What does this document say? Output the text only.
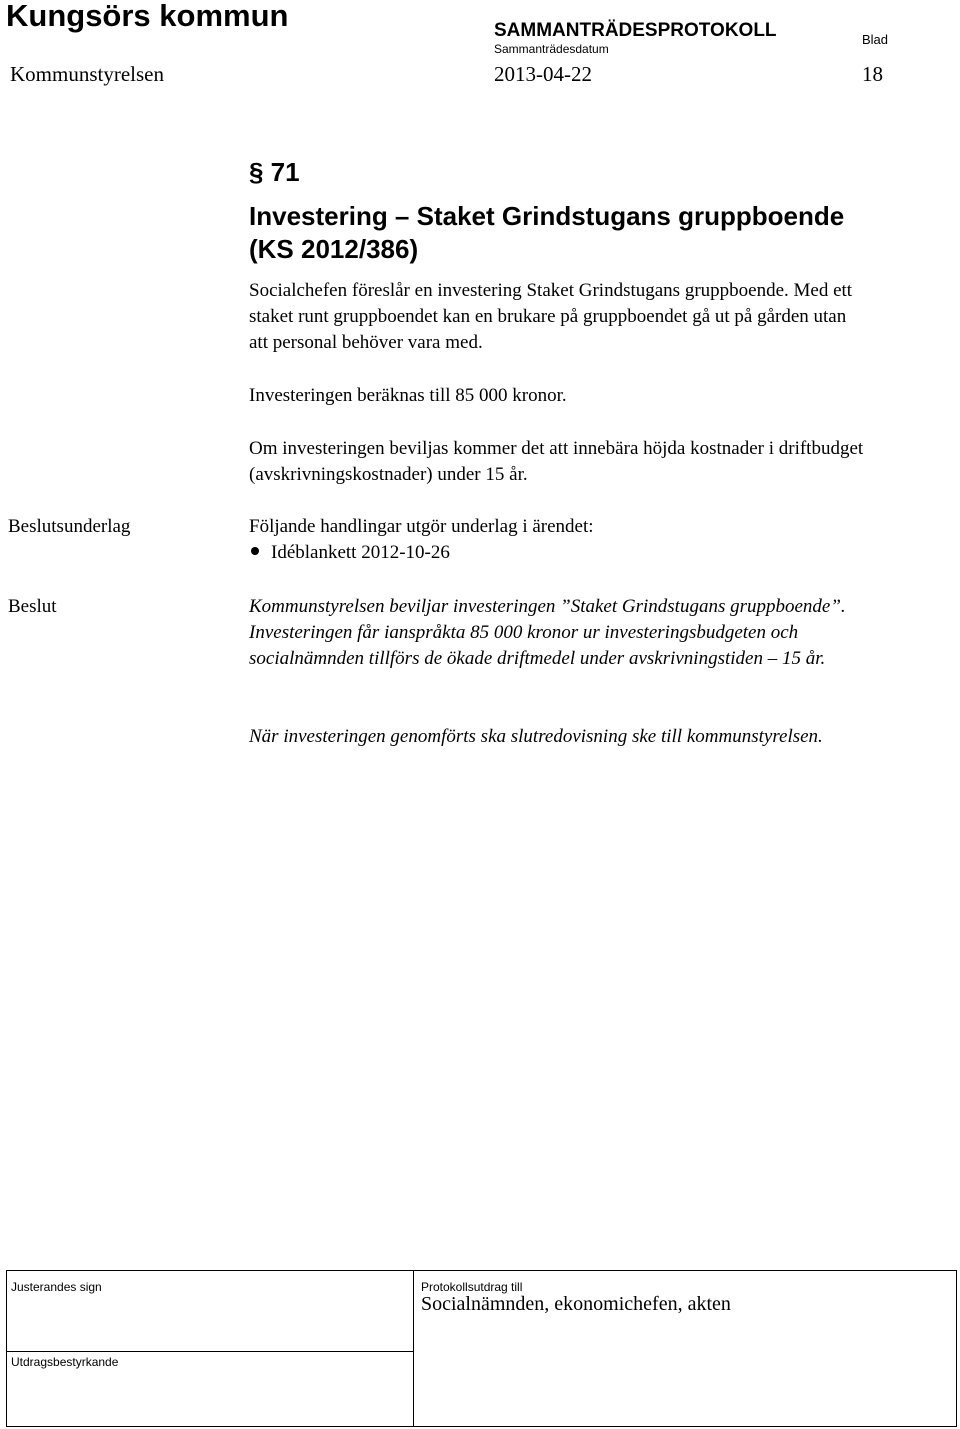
Kungsörs kommun	SAMMANTRÄDESPROTOKOLL
Sammanträdesdatum
Blad
Kommunstyrelsen	2013-04-22	18
§ 71
Investering – Staket Grindstugans gruppboende (KS 2012/386)
Socialchefen föreslår en investering Staket Grindstugans gruppboende. Med ett staket runt gruppboendet kan en brukare på gruppboendet gå ut på gården utan att personal behöver vara med.
Investeringen beräknas till 85 000 kronor.
Om investeringen beviljas kommer det att innebära höjda kostnader i driftbudget (avskrivningskostnader) under 15 år.
Beslutsunderlag	Följande handlingar utgör underlag i ärendet:
Idéblankett 2012-10-26
Beslut	Kommunstyrelsen beviljar investeringen ”Staket Grindstugans gruppboende”. Investeringen får ianspråkta 85 000 kronor ur investeringsbudgeten och socialnämnden tillförs de ökade driftmedel under avskrivningstiden – 15 år.
När investeringen genomförts ska slutredovisning ske till kommunstyrelsen.
Justerandes sign
Utdragsbestyrkande
Protokollsutdrag till
Socialnämnden, ekonomichefen, akten
